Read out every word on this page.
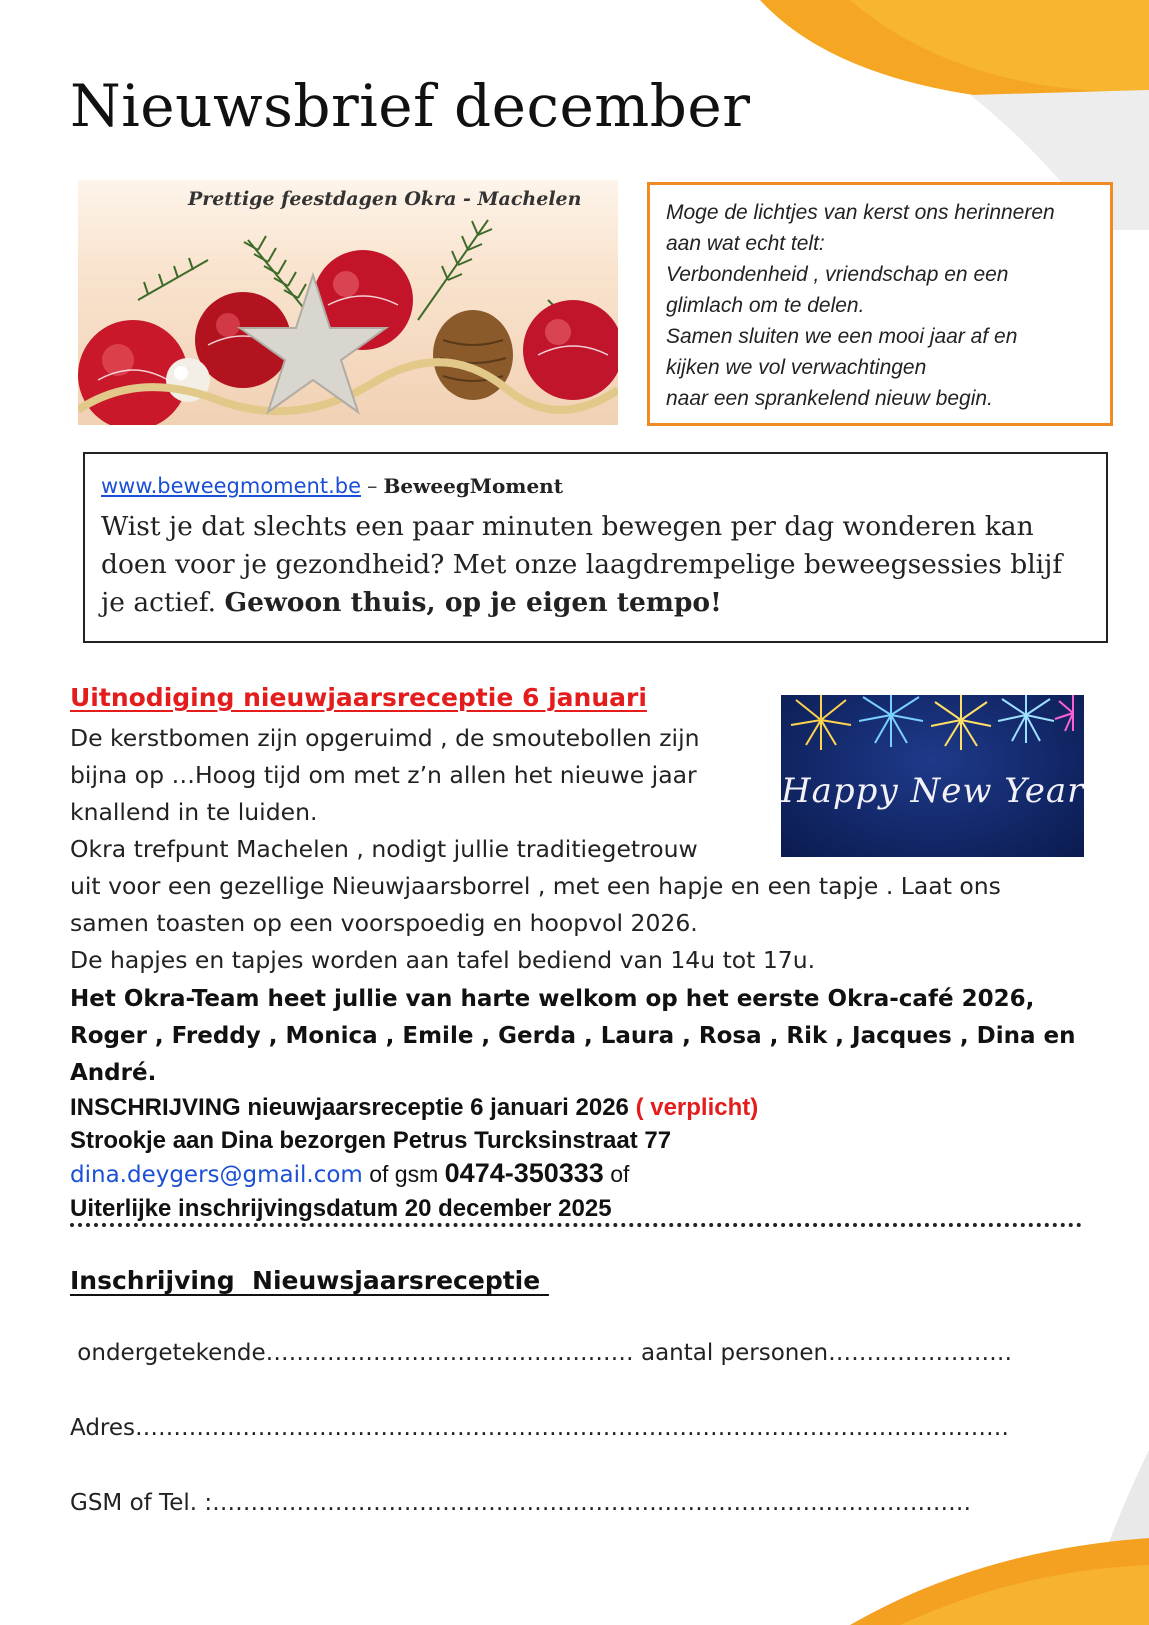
Nieuwsbrief december
Prettige feestdagen Okra - Machelen
Moge de lichtjes van kerst ons herinneren
aan wat echt telt:
Verbondenheid , vriendschap en een
glimlach om te delen.
Samen sluiten we een mooi jaar af en
kijken we vol verwachtingen
naar een sprankelend nieuw begin.
www.beweegmoment.be – BeweegMoment
Wist je dat slechts een paar minuten bewegen per dag wonderen kan
doen voor je gezondheid? Met onze laagdrempelige beweegsessies blijf
je actief. Gewoon thuis, op je eigen tempo!
Uitnodiging nieuwjaarsreceptie 6 januari
Happy New Year
De kerstbomen zijn opgeruimd , de smoutebollen zijn
bijna op …Hoog tijd om met z’n allen het nieuwe jaar
knallend in te luiden.
Okra trefpunt Machelen , nodigt jullie traditiegetrouw
uit voor een gezellige Nieuwjaarsborrel , met een hapje en een tapje . Laat ons
samen toasten op een voorspoedig en hoopvol 2026.
De hapjes en tapjes worden aan tafel bediend van 14u tot 17u.
Het Okra-Team heet jullie van harte welkom op het eerste Okra-café 2026,
Roger , Freddy , Monica , Emile , Gerda , Laura , Rosa , Rik , Jacques , Dina en
André.
INSCHRIJVING nieuwjaarsreceptie 6 januari 2026 ( verplicht)
Strookje aan Dina bezorgen Petrus Turcksinstraat 77
dina.deygers@gmail.com of gsm 0474-350333 of
Uiterlijke inschrijvingsdatum 20 december 2025
Inschrijving  Nieuwsjaarsreceptie
ondergetekende………………………………………… aantal personen……………………
Adres……………………………………………………………………………………………………
GSM of Tel. :………………………………………………………………………………………
